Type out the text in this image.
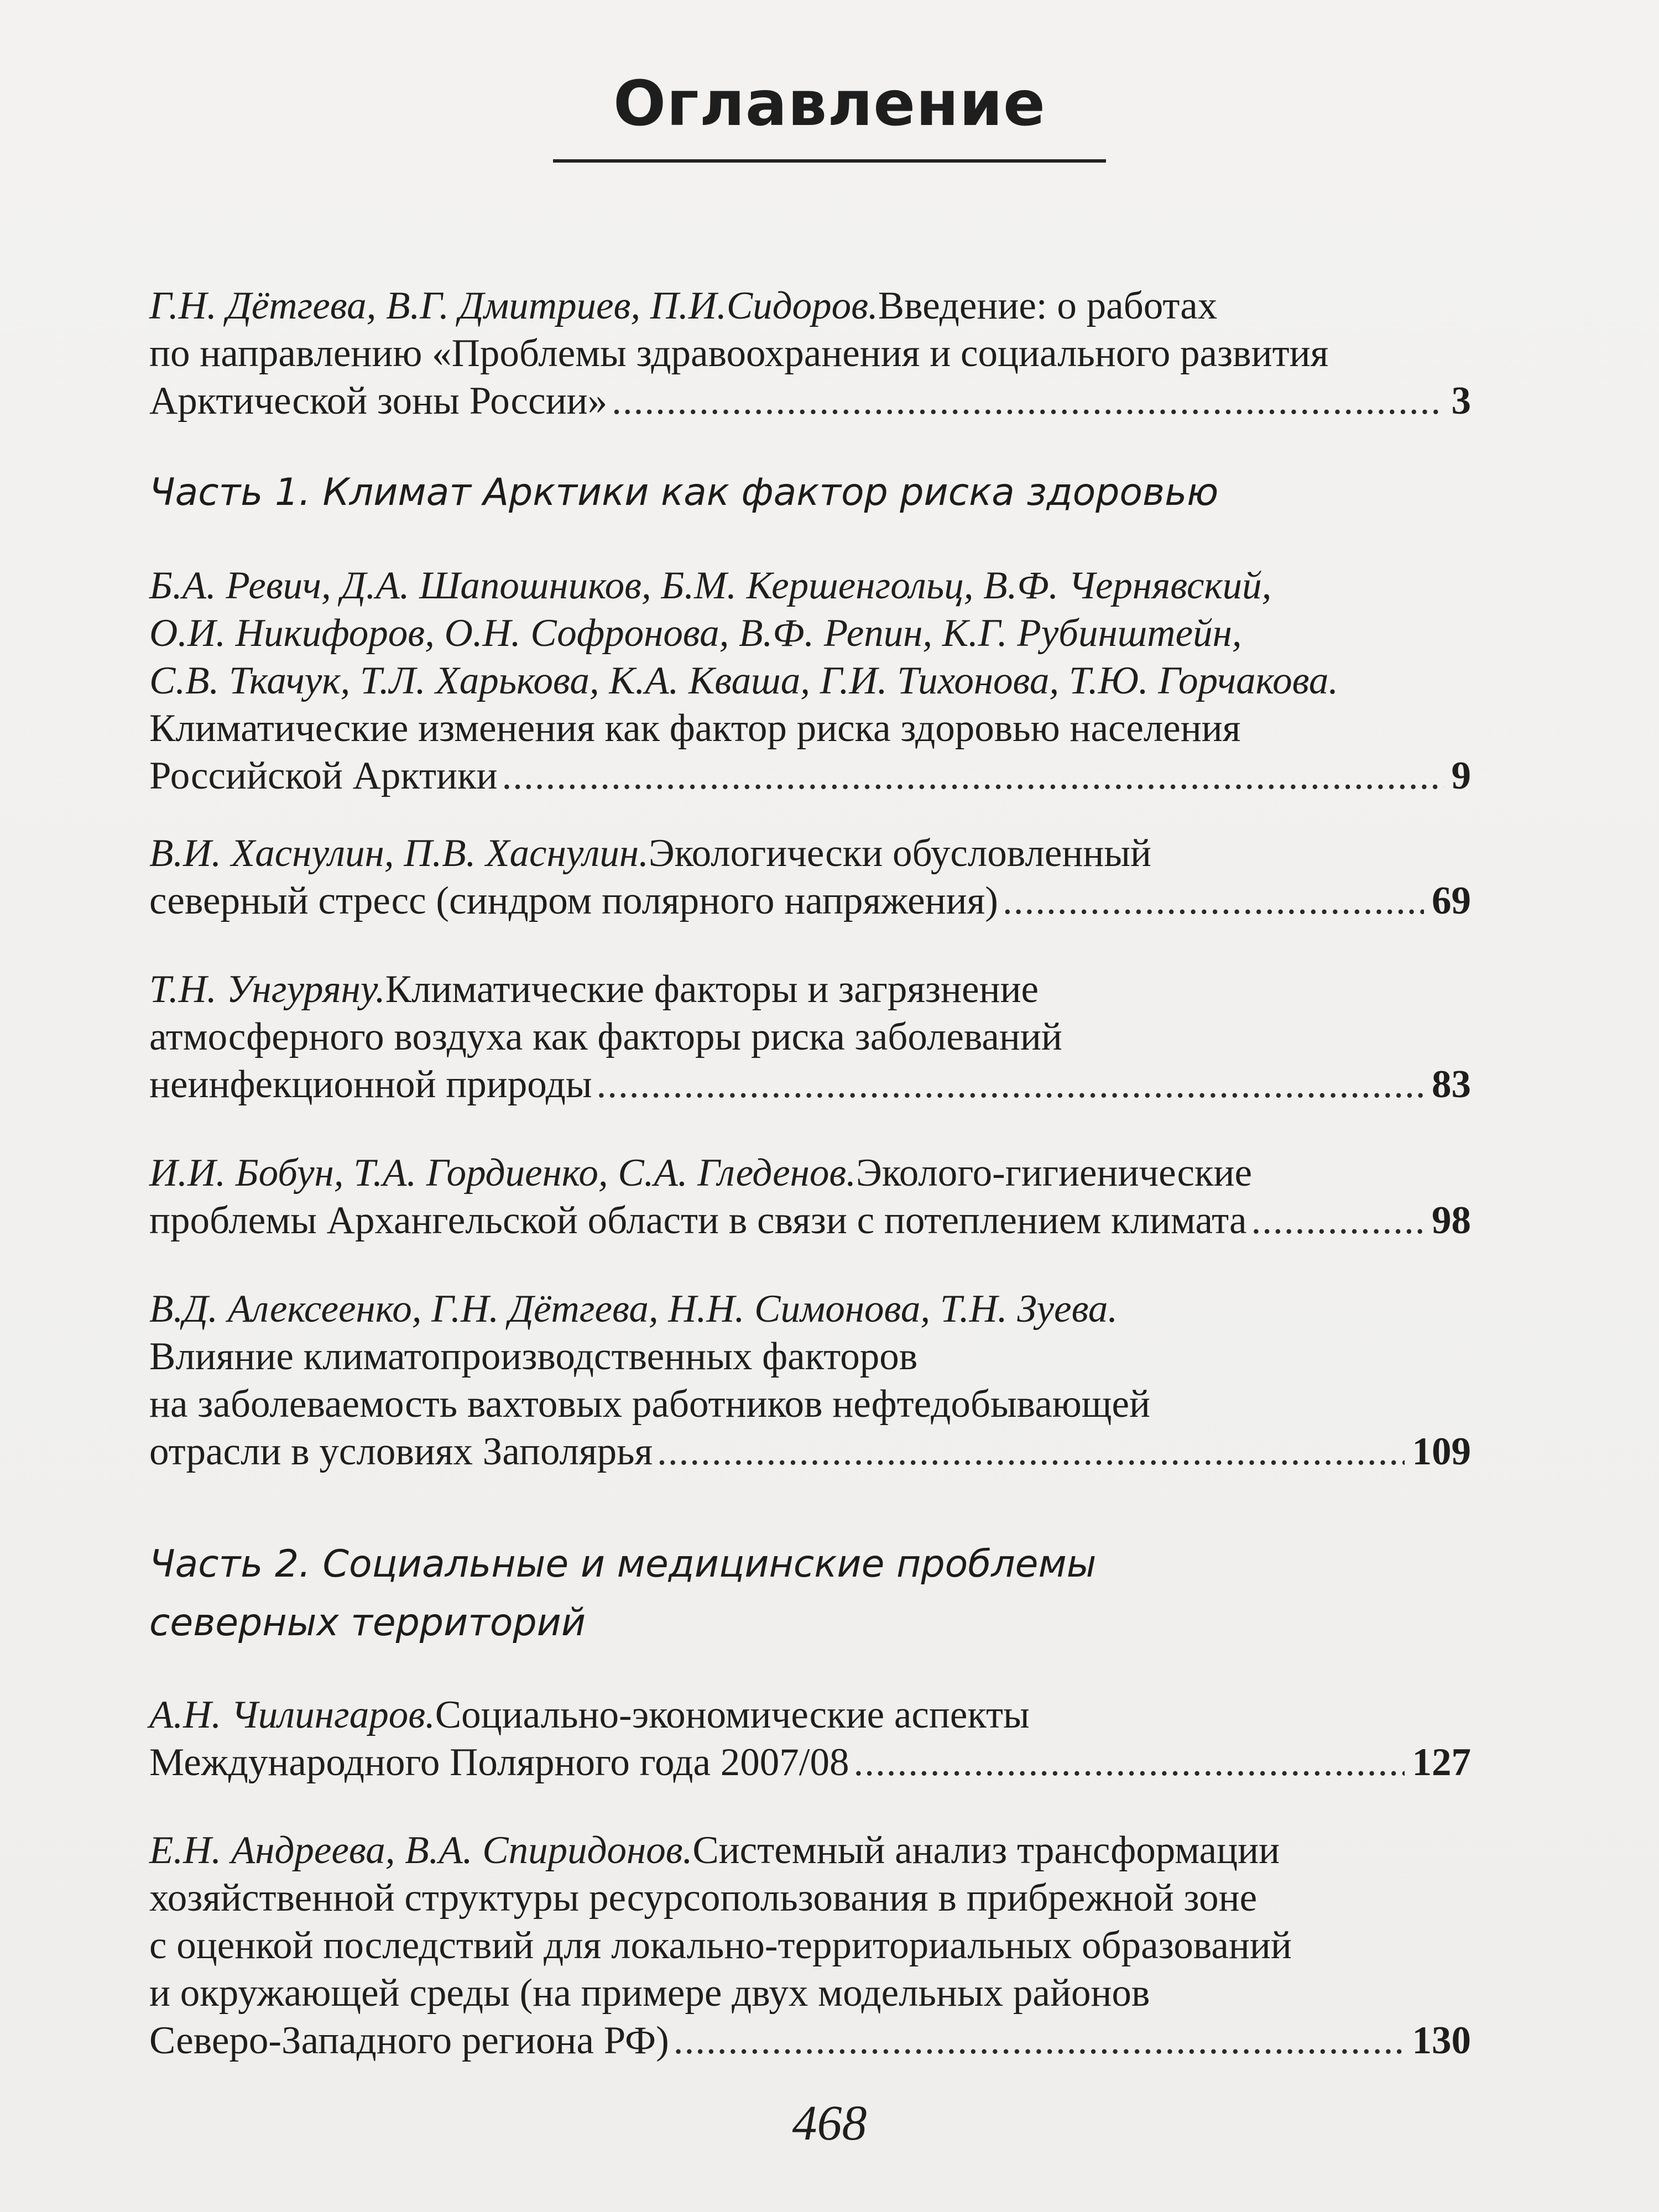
Оглавление
Г.Н. Дётгева, В.Г. Дмитриев, П.И.Сидоров. Введение: о работах
по направлению «Проблемы здравоохранения и социального развития
Арктической зоны России» .....	3
Часть 1. Климат Арктики как фактор риска здоровью
Б.А. Ревич, Д.А. Шапошников, Б.М. Кершенгольц, В.Ф. Чернявский,
О.И. Никифоров, О.Н. Софронова, В.Ф. Репин, К.Г. Рубинштейн,
С.В. Ткачук, Т.Л. Харькова, К.А. Кваша, Г.И. Тихонова, Т.Ю. Горчакова.
Климатические изменения как фактор риска здоровью населения
Российской Арктики .....	9
В.И. Хаснулин, П.В. Хаснулин. Экологически обусловленный
северный стресс (синдром полярного напряжения) .....	69
Т.Н. Унгуряну. Климатические факторы и загрязнение
атмосферного воздуха как факторы риска заболеваний
неинфекционной природы .....	83
И.И. Бобун, Т.А. Гордиенко, С.А. Гледенов. Эколого-гигиенические
проблемы Архангельской области в связи с потеплением климата .....	98
В.Д. Алексеенко, Г.Н. Дётгева, Н.Н. Симонова, Т.Н. Зуева.
Влияние климатопроизводственных факторов
на заболеваемость вахтовых работников нефтедобывающей
отрасли в условиях Заполярья .....	109
Часть 2. Социальные и медицинские проблемы
северных территорий
А.Н. Чилингаров. Социально-экономические аспекты
Международного Полярного года 2007/08 .....	127
Е.Н. Андреева, В.А. Спиридонов. Системный анализ трансформации
хозяйственной структуры ресурсопользования в прибрежной зоне
с оценкой последствий для локально-территориальных образований
и окружающей среды (на примере двух модельных районов
Северо-Западного региона РФ) .....	130
468
